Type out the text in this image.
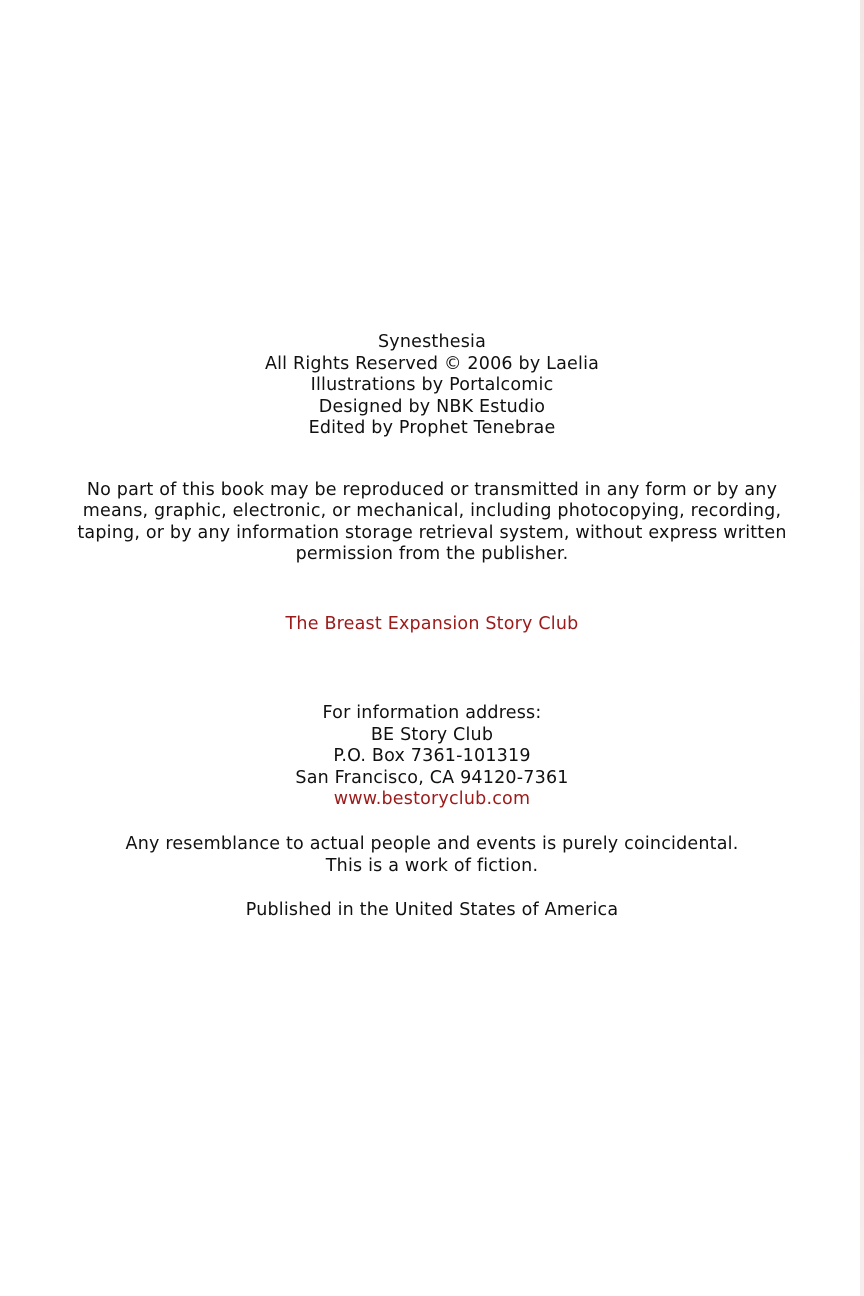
Synesthesia
All Rights Reserved © 2006 by Laelia
Illustrations by Portalcomic
Designed by NBK Estudio
Edited by Prophet Tenebrae

No part of this book may be reproduced or transmitted in any form or by any means, graphic, electronic, or mechanical, including photocopying, recording, taping, or by any information storage retrieval system, without express written permission from the publisher.

The Breast Expansion Story Club
For information address:
BE Story Club
P.O. Box 7361-101319
San Francisco, CA 94120-7361
www.bestoryclub.com
Any resemblance to actual people and events is purely coincidental.
This is a work of fiction.
Published in the United States of America
